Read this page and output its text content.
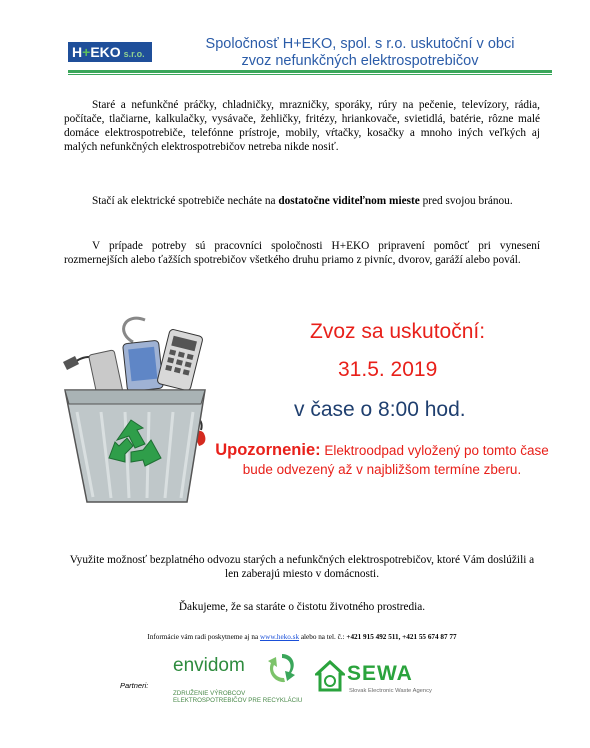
H+EKO s.r.o.
Spoločnosť H+EKO, spol. s r.o. uskutoční v obci
zvoz nefunkčných elektrospotrebičov
Staré a nefunkčné práčky, chladničky, mrazničky, sporáky, rúry na pečenie, televízory, rádia, počítače, tlačiarne, kalkulačky, vysávače, žehličky, fritézy, hriankovače, svietidlá, batérie, rôzne malé domáce elektrospotrebiče, telefónne prístroje, mobily, vŕtačky, kosačky a mnoho iných veľkých aj malých nefunkčných elektrospotrebičov netreba nikde nosiť.
Stačí ak elektrické spotrebiče necháte na dostatočne viditeľnom mieste pred svojou bránou.
V prípade potreby sú pracovníci spoločnosti H+EKO pripravení pomôcť pri vynesení rozmernejších alebo ťažších spotrebičov všetkého druhu priamo z pivníc, dvorov, garáží alebo povál.
Zvoz sa uskutoční:
31.5. 2019
v čase o 8:00 hod.
Upozornenie: Elektroodpad vyložený po tomto čase bude odvezený až v najbližšom termíne zberu.
Využite možnosť bezplatného odvozu starých a nefunkčných elektrospotrebičov, ktoré Vám doslúžili a len zaberajú miesto v domácnosti.
Ďakujeme, že sa staráte o čistotu životného prostredia.
Informácie vám radi poskytneme aj na www.heko.sk alebo na tel. č.: +421 915 492 511, +421 55 674 87 77
Partneri:
envidom
ZDRUŽENIE VÝROBCOV
ELEKTROSPOTREBIČOV PRE RECYKLÁCIU
SEWA
Slovak Electronic Waste Agency
